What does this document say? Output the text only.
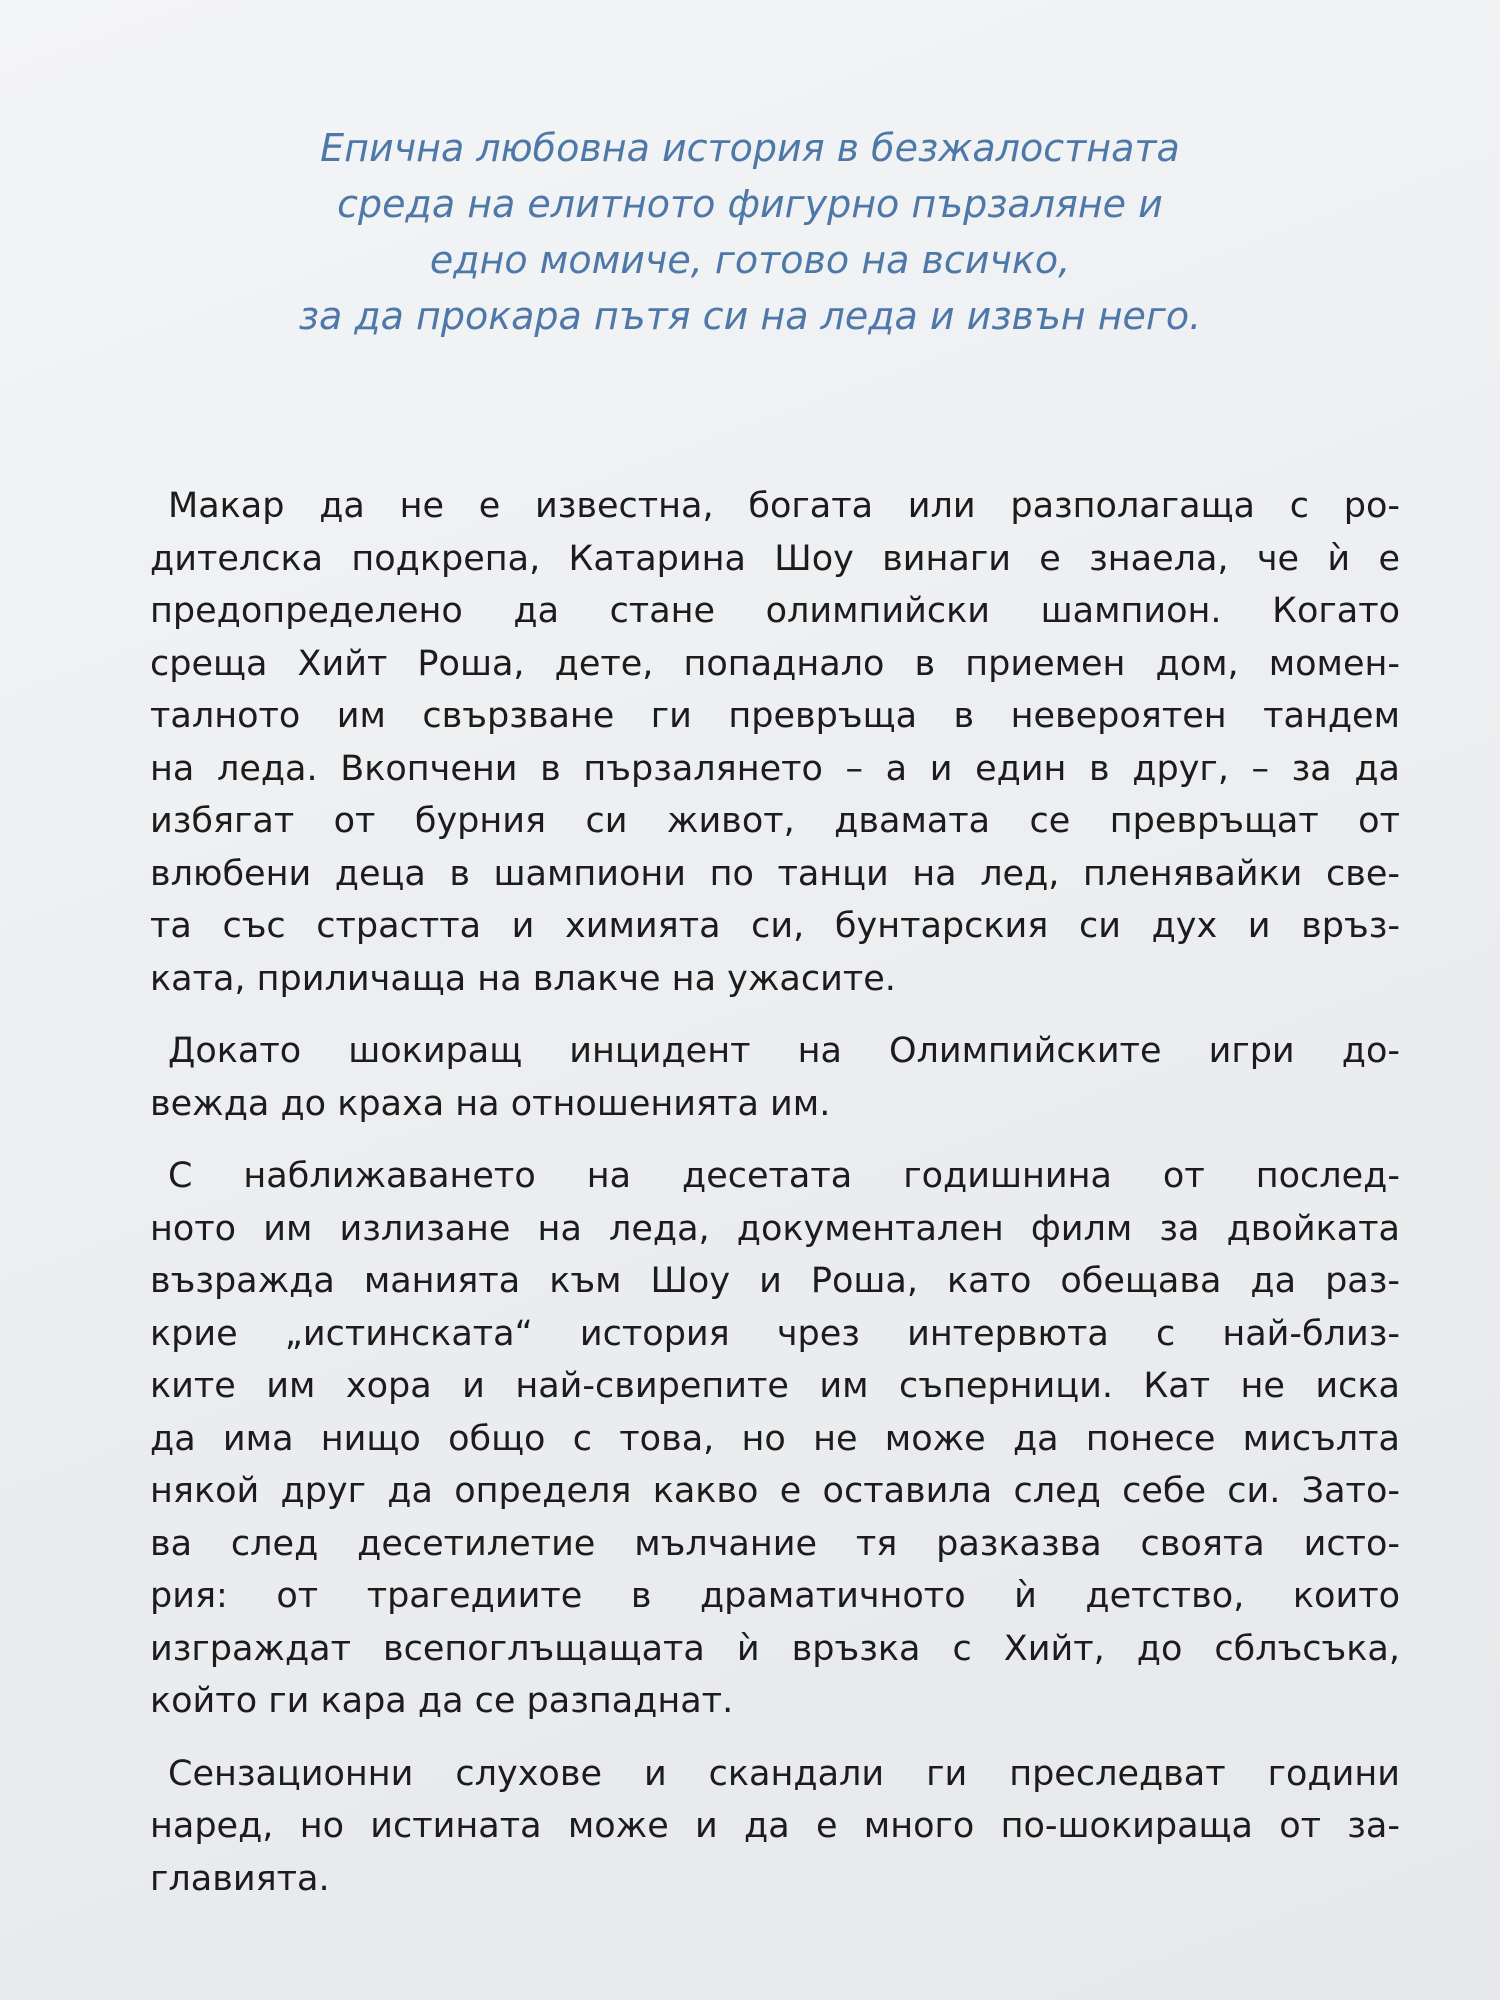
Епична любовна история в безжалостната
среда на елитното фигурно пързаляне и
едно момиче, готово на всичко,
за да прокара пътя си на леда и извън него.

Макар да не е известна, богата или разполагаща с ро-
дителска подкрепа, Катарина Шоу винаги е знаела, че ѝ е
предопределено да стане олимпийски шампион. Когато
среща Хийт Роша, дете, попаднало в приемен дом, момен-
талното им свързване ги превръща в невероятен тандем
на леда. Вкопчени в пързалянето – а и един в друг, – за да
избягат от бурния си живот, двамата се превръщат от
влюбени деца в шампиони по танци на лед, пленявайки све-
та със страстта и химията си, бунтарския си дух и връз-
ката, приличаща на влакче на ужасите.

Докато шокиращ инцидент на Олимпийските игри до-
вежда до краха на отношенията им.

С наближаването на десетата годишнина от послед-
ното им излизане на леда, документален филм за двойката
възражда манията към Шоу и Роша, като обещава да раз-
крие „истинската“ история чрез интервюта с най-близ-
ките им хора и най-свирепите им съперници. Кат не иска
да има нищо общо с това, но не може да понесе мисълта
някой друг да определя какво е оставила след себе си. Зато-
ва след десетилетие мълчание тя разказва своята исто-
рия: от трагедиите в драматичното ѝ детство, които
изграждат всепоглъщащата ѝ връзка с Хийт, до сблъсъка,
който ги кара да се разпаднат.

Сензационни слухове и скандали ги преследват години
наред, но истината може и да е много по-шокираща от за-
главията.
